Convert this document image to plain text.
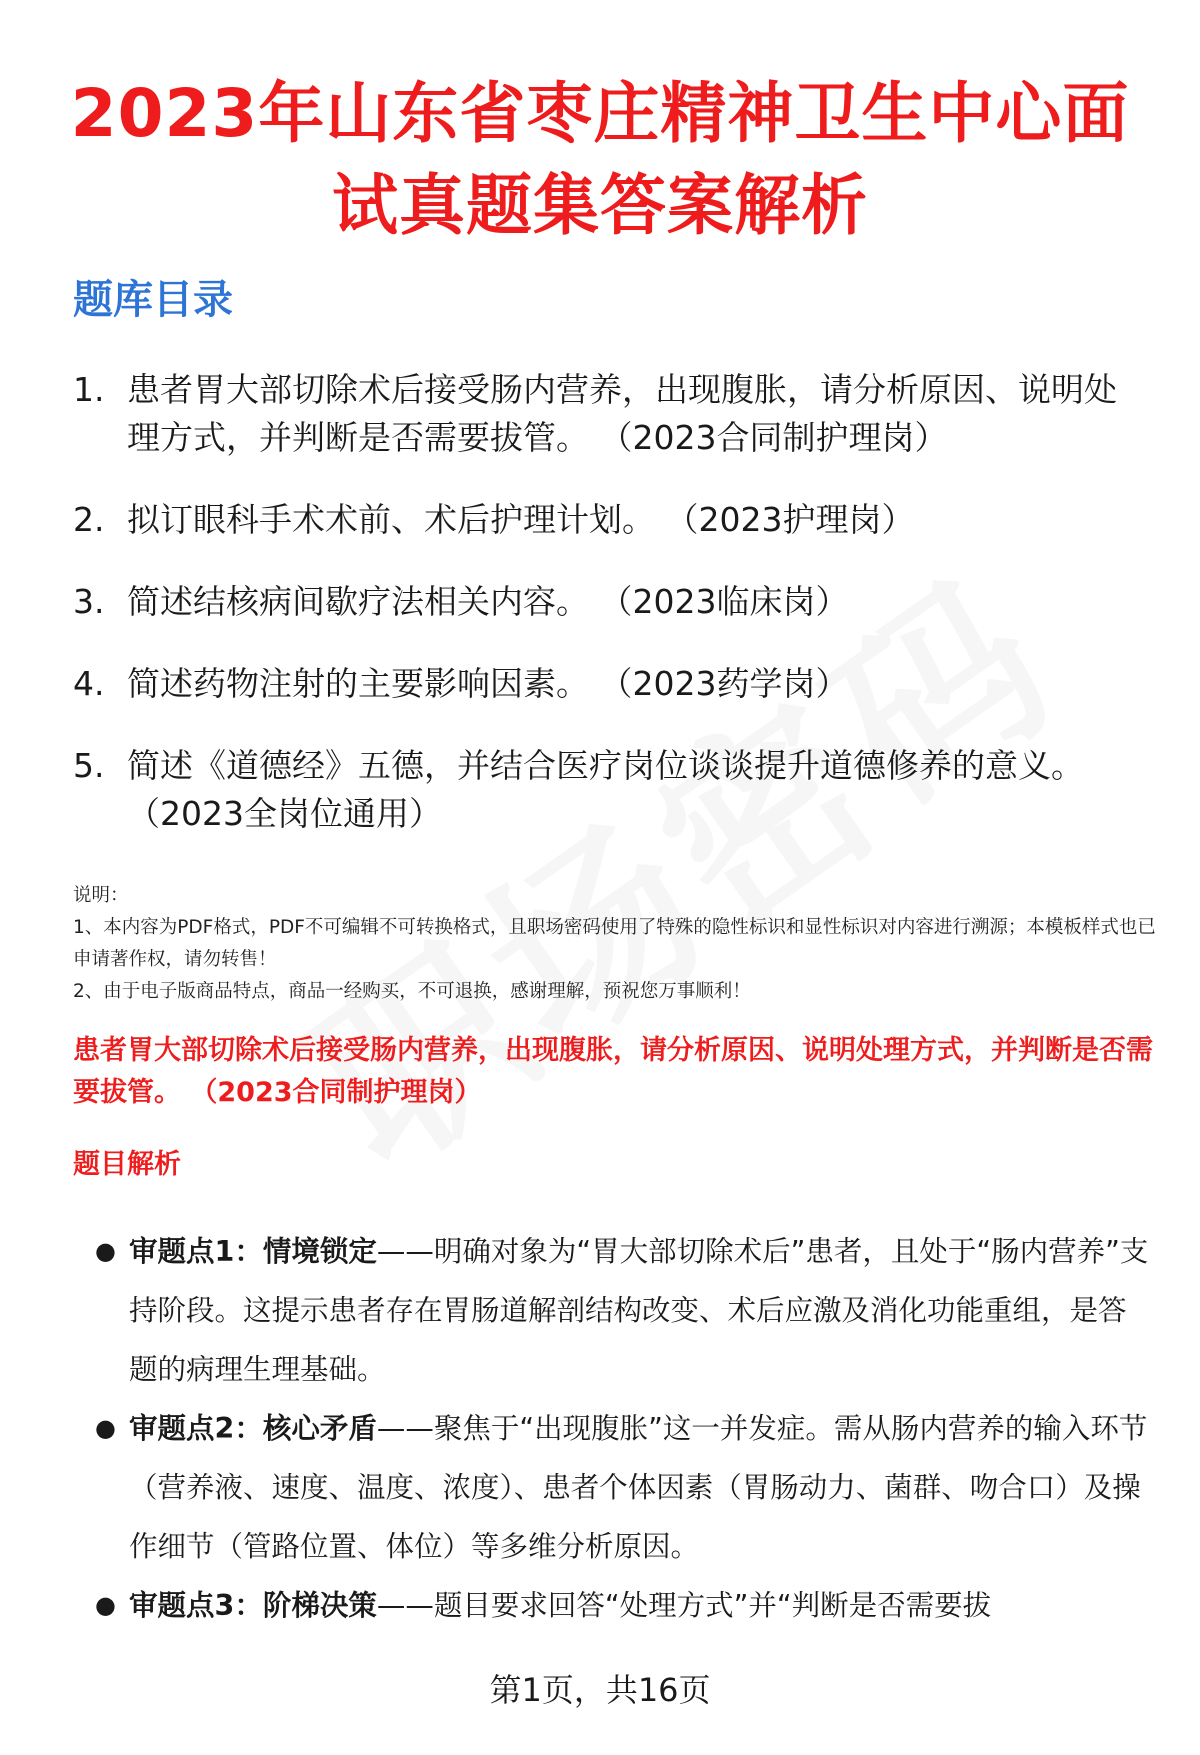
2023年山东省枣庄精神卫生中心面
试真题集答案解析
题库目录
1. 患者胃大部切除术后接受肠内营养，出现腹胀，请分析原因、说明处理方式，并判断是否需要拔管。 （2023合同制护理岗）
2. 拟订眼科手术术前、术后护理计划。 （2023护理岗）
3. 简述结核病间歇疗法相关内容。 （2023临床岗）
4. 简述药物注射的主要影响因素。 （2023药学岗）
5. 简述《道德经》五德，并结合医疗岗位谈谈提升道德修养的意义。 （2023全岗位通用）
说明：
1、本内容为PDF格式，PDF不可编辑不可转换格式，且职场密码使用了特殊的隐性标识和显性标识对内容进行溯源；本模板样式也已申请著作权，请勿转售！
2、由于电子版商品特点，商品一经购买，不可退换，感谢理解，预祝您万事顺利！
患者胃大部切除术后接受肠内营养，出现腹胀，请分析原因、说明处理方式，并判断是否需要拔管。 （2023合同制护理岗）
题目解析
● 审题点1：情境锁定——明确对象为“胃大部切除术后”患者，且处于“肠内营养”支持阶段。这提示患者存在胃肠道解剖结构改变、术后应激及消化功能重组，是答题的病理生理基础。
● 审题点2：核心矛盾——聚焦于“出现腹胀”这一并发症。需从肠内营养的输入环节（营养液、速度、温度、浓度）、患者个体因素（胃肠动力、菌群、吻合口）及操作细节（管路位置、体位）等多维分析原因。
● 审题点3：阶梯决策——题目要求回答“处理方式”并“判断是否需要拔
第1页，共16页
